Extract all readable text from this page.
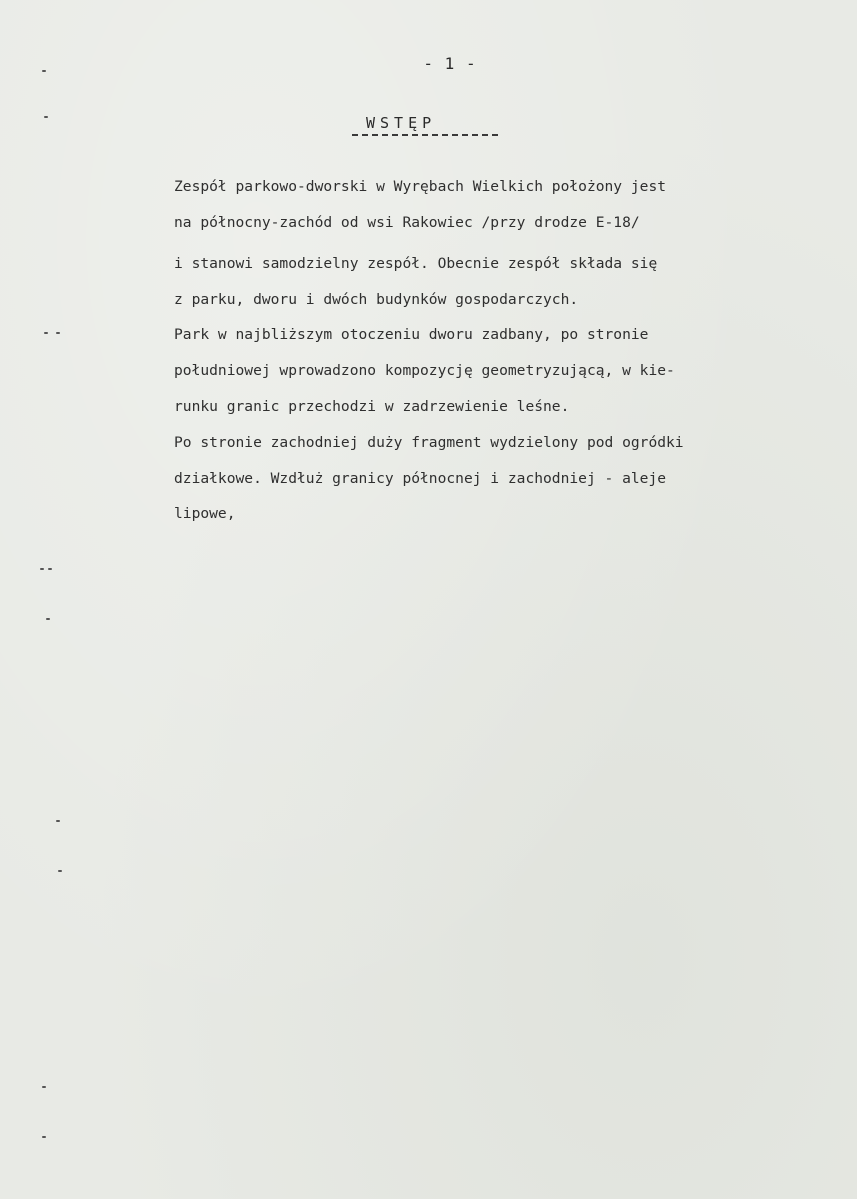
- 1 -
WSTĘP
Zespół parkowo-dworski w Wyrębach Wielkich położony jest
na północny-zachód od wsi Rakowiec /przy drodze E-18/
i stanowi samodzielny zespół. Obecnie zespół składa się
z parku, dworu i dwóch budynków gospodarczych.
Park w najbliższym otoczeniu dworu zadbany, po stronie
południowej wprowadzono kompozycję geometryzującą, w kie-
runku granic przechodzi w zadrzewienie leśne.
Po stronie zachodniej duży fragment wydzielony pod ogródki
działkowe. Wzdłuż granicy północnej i zachodniej - aleje
lipowe,
